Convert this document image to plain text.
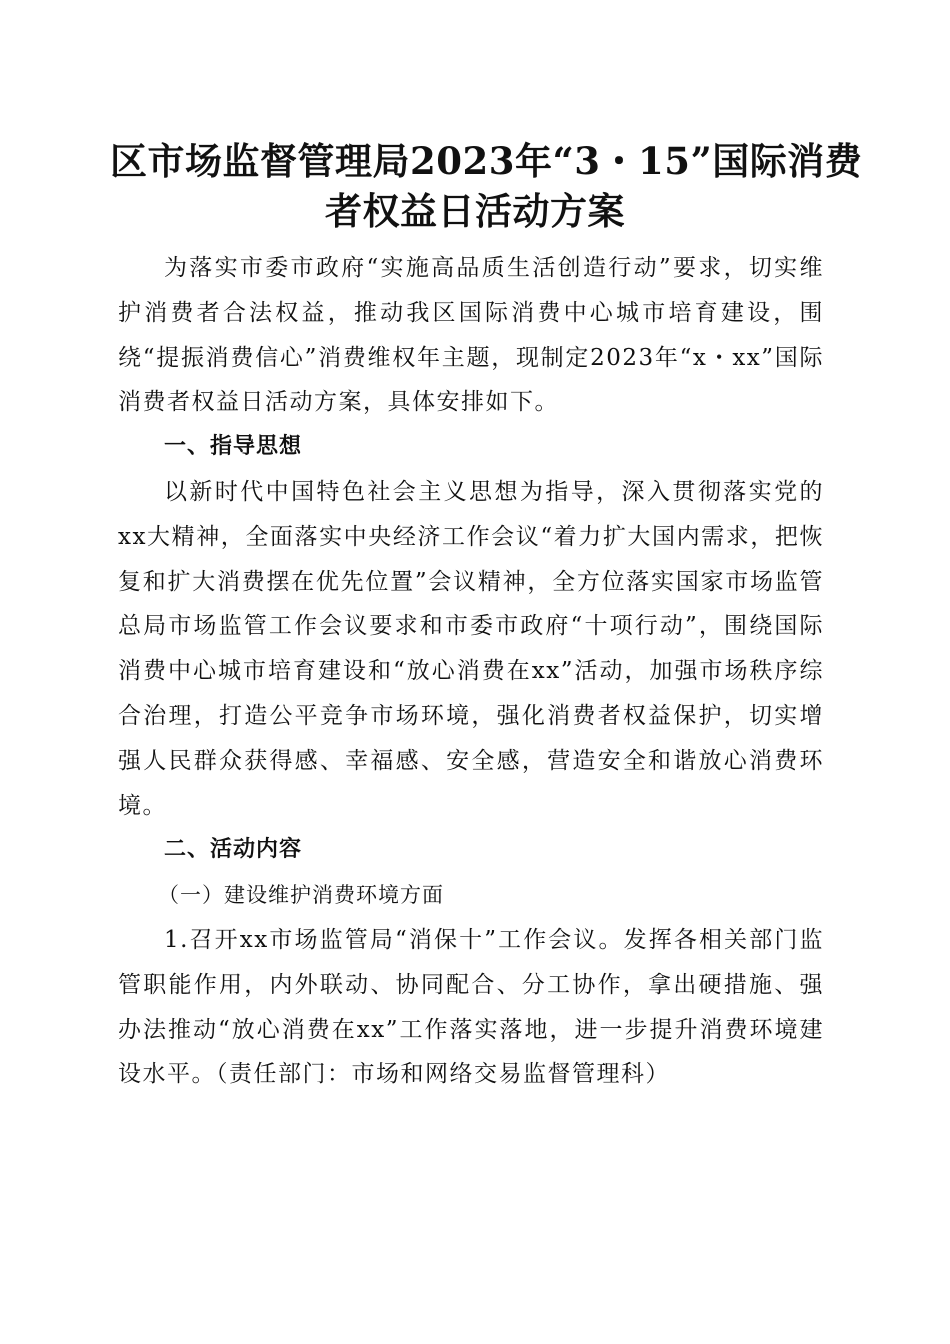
区市场监督管理局2023年“3・15”国际消费
者权益日活动方案

为落实市委市政府“实施高品质生活创造行动”要求，切实维护消费者合法权益，推动我区国际消费中心城市培育建设，围绕“提振消费信心”消费维权年主题，现制定2023年“x・xx”国际消费者权益日活动方案，具体安排如下。

一、指导思想

以新时代中国特色社会主义思想为指导，深入贯彻落实党的xx大精神，全面落实中央经济工作会议“着力扩大国内需求，把恢复和扩大消费摆在优先位置”会议精神，全方位落实国家市场监管总局市场监管工作会议要求和市委市政府“十项行动”，围绕国际消费中心城市培育建设和“放心消费在xx”活动，加强市场秩序综合治理，打造公平竞争市场环境，强化消费者权益保护，切实增强人民群众获得感、幸福感、安全感，营造安全和谐放心消费环境。

二、活动内容

（一）建设维护消费环境方面

1.召开xx市场监管局“消保十”工作会议。发挥各相关部门监管职能作用，内外联动、协同配合、分工协作，拿出硬措施、强办法推动“放心消费在xx”工作落实落地，进一步提升消费环境建设水平。（责任部门：市场和网络交易监督管理科）
